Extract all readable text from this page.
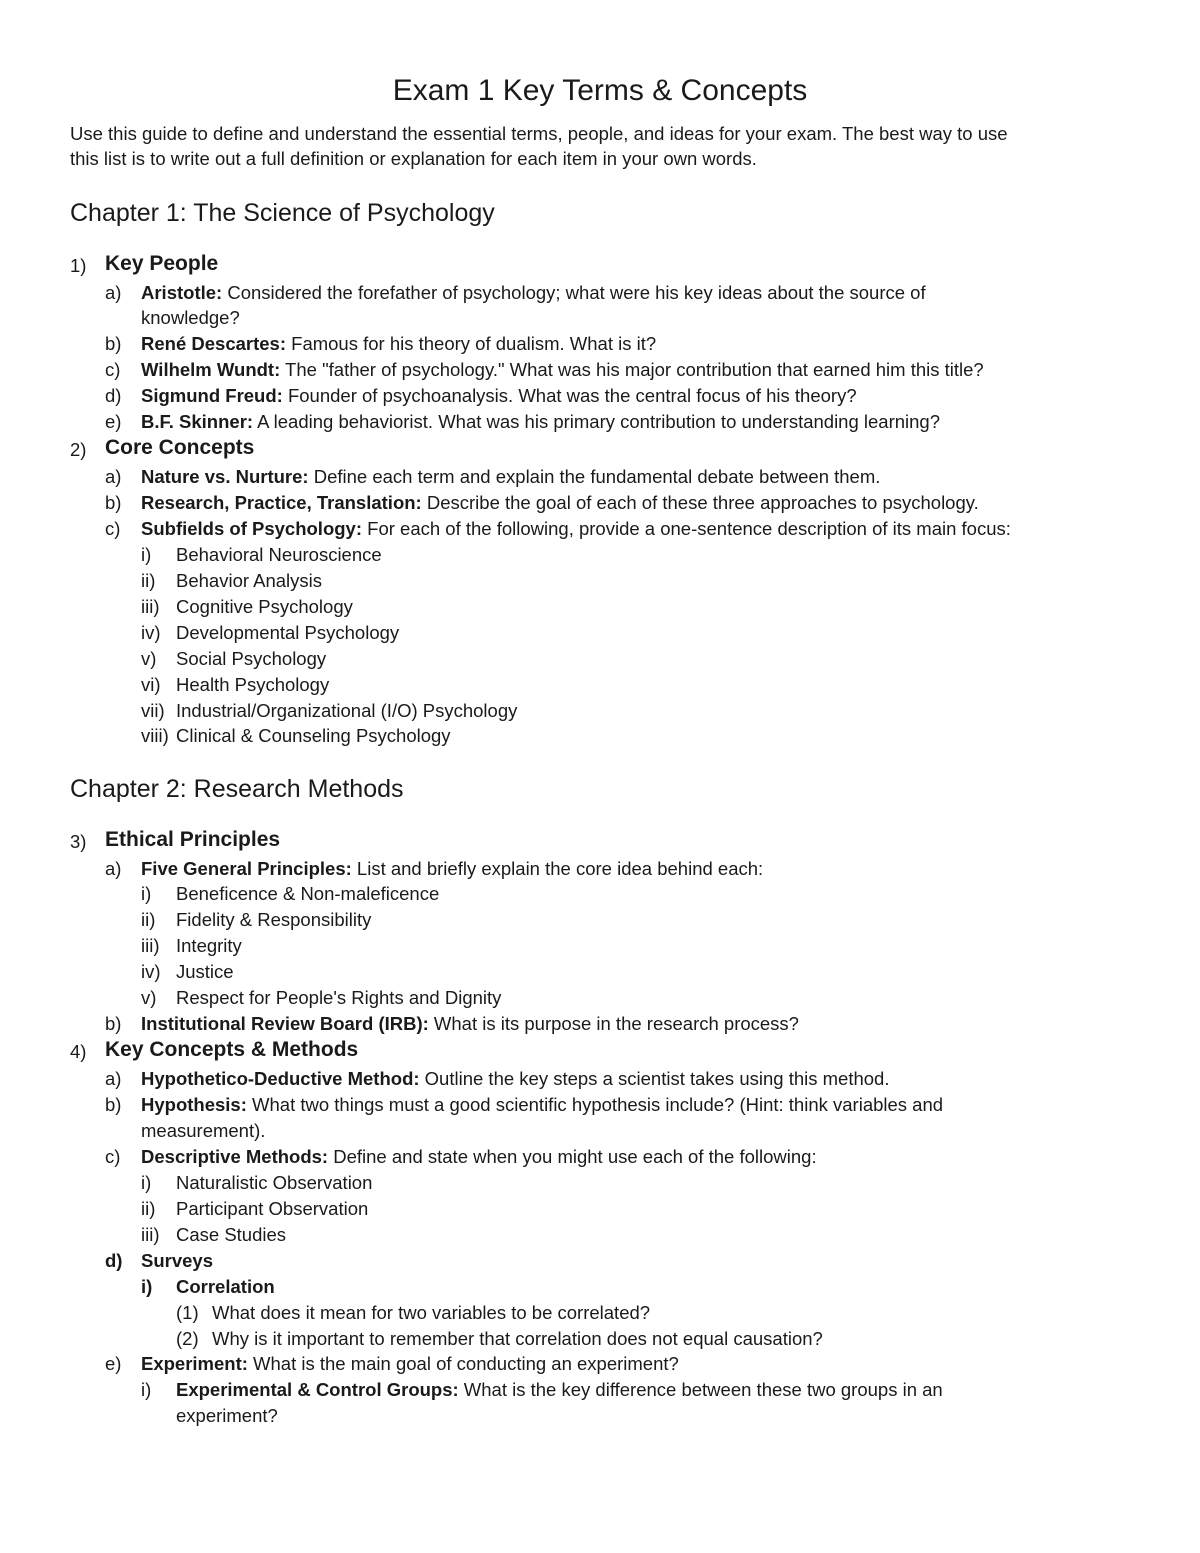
Exam 1 Key Terms & Concepts
Use this guide to define and understand the essential terms, people, and ideas for your exam. The best way to use
this list is to write out a full definition or explanation for each item in your own words.
Chapter 1: The Science of Psychology
1) Key People
a) Aristotle: Considered the forefather of psychology; what were his key ideas about the source of
knowledge?
b) René Descartes: Famous for his theory of dualism. What is it?
c) Wilhelm Wundt: The "father of psychology." What was his major contribution that earned him this title?
d) Sigmund Freud: Founder of psychoanalysis. What was the central focus of his theory?
e) B.F. Skinner: A leading behaviorist. What was his primary contribution to understanding learning?
2) Core Concepts
a) Nature vs. Nurture: Define each term and explain the fundamental debate between them.
b) Research, Practice, Translation: Describe the goal of each of these three approaches to psychology.
c) Subfields of Psychology: For each of the following, provide a one-sentence description of its main focus:
i) Behavioral Neuroscience
ii) Behavior Analysis
iii) Cognitive Psychology
iv) Developmental Psychology
v) Social Psychology
vi) Health Psychology
vii) Industrial/Organizational (I/O) Psychology
viii) Clinical & Counseling Psychology
Chapter 2: Research Methods
3) Ethical Principles
a) Five General Principles: List and briefly explain the core idea behind each:
i) Beneficence & Non-maleficence
ii) Fidelity & Responsibility
iii) Integrity
iv) Justice
v) Respect for People's Rights and Dignity
b) Institutional Review Board (IRB): What is its purpose in the research process?
4) Key Concepts & Methods
a) Hypothetico-Deductive Method: Outline the key steps a scientist takes using this method.
b) Hypothesis: What two things must a good scientific hypothesis include? (Hint: think variables and
measurement).
c) Descriptive Methods: Define and state when you might use each of the following:
i) Naturalistic Observation
ii) Participant Observation
iii) Case Studies
d) Surveys
i) Correlation
(1) What does it mean for two variables to be correlated?
(2) Why is it important to remember that correlation does not equal causation?
e) Experiment: What is the main goal of conducting an experiment?
i) Experimental & Control Groups: What is the key difference between these two groups in an
experiment?
